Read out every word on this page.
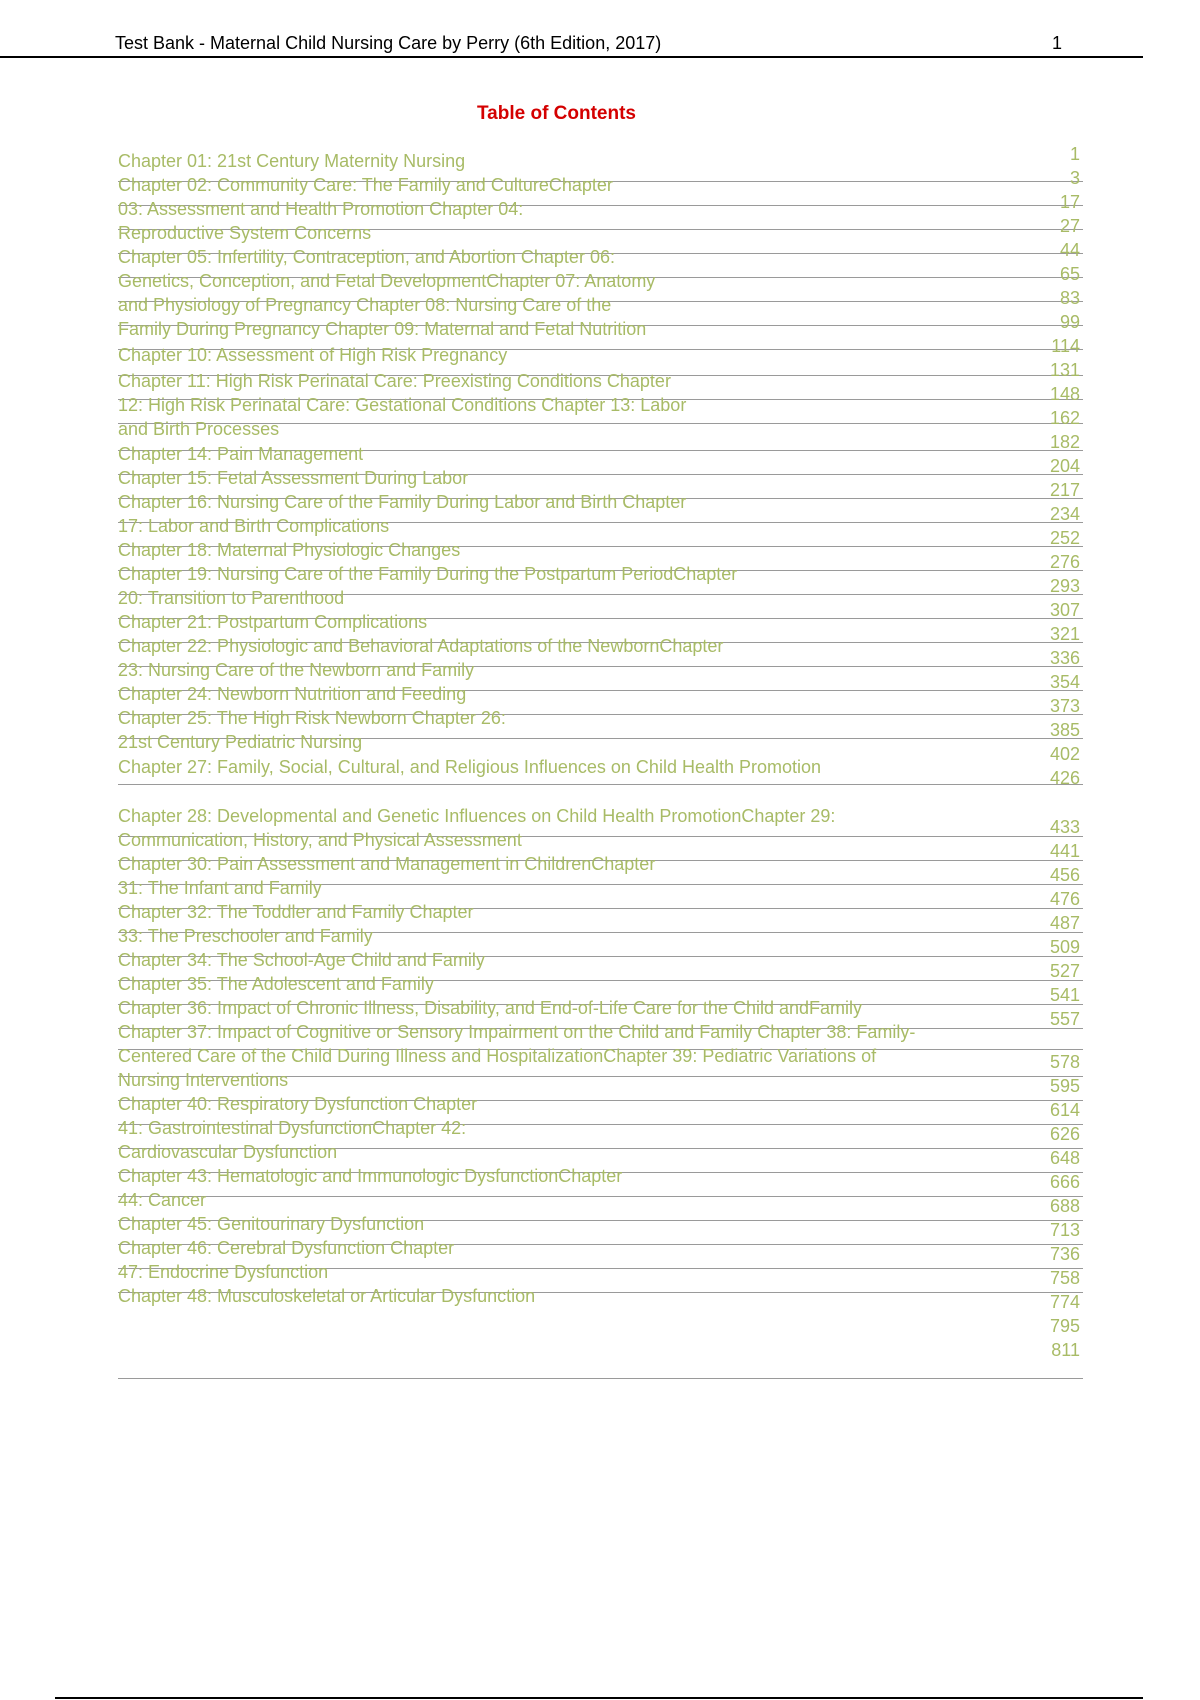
Test Bank - Maternal Child Nursing Care by Perry (6th Edition, 2017)	1
Table of Contents
Chapter 01: 21st Century Maternity Nursing
Chapter 02: Community Care: The Family and CultureChapter
03: Assessment and Health Promotion Chapter 04:
Reproductive System Concerns
Chapter 05: Infertility, Contraception, and Abortion Chapter 06:
Genetics, Conception, and Fetal DevelopmentChapter 07: Anatomy
and Physiology of Pregnancy Chapter 08: Nursing Care of the
Family During Pregnancy Chapter 09: Maternal and Fetal Nutrition
Chapter 10: Assessment of High Risk Pregnancy
Chapter 11: High Risk Perinatal Care: Preexisting Conditions Chapter
12: High Risk Perinatal Care: Gestational Conditions Chapter 13: Labor
and Birth Processes
Chapter 14: Pain Management
Chapter 15: Fetal Assessment During Labor
Chapter 16: Nursing Care of the Family During Labor and Birth Chapter
17: Labor and Birth Complications
Chapter 18: Maternal Physiologic Changes
Chapter 19: Nursing Care of the Family During the Postpartum PeriodChapter
20: Transition to Parenthood
Chapter 21: Postpartum Complications
Chapter 22: Physiologic and Behavioral Adaptations of the NewbornChapter
23: Nursing Care of the Newborn and Family
Chapter 24: Newborn Nutrition and Feeding
Chapter 25: The High Risk Newborn Chapter 26:
21st Century Pediatric Nursing
Chapter 27: Family, Social, Cultural, and Religious Influences on Child Health Promotion
Chapter 28: Developmental and Genetic Influences on Child Health PromotionChapter 29:
Communication, History, and Physical Assessment
Chapter 30: Pain Assessment and Management in ChildrenChapter
31: The Infant and Family
Chapter 32: The Toddler and Family Chapter
33: The Preschooler and Family
Chapter 34: The School-Age Child and Family
Chapter 35: The Adolescent and Family
Chapter 36: Impact of Chronic Illness, Disability, and End-of-Life Care for the Child andFamily
Chapter 37: Impact of Cognitive or Sensory Impairment on the Child and Family Chapter 38: Family-
Centered Care of the Child During Illness and HospitalizationChapter 39: Pediatric Variations of
Nursing Interventions
Chapter 40: Respiratory Dysfunction Chapter
41: Gastrointestinal DysfunctionChapter 42:
Cardiovascular Dysfunction
Chapter 43: Hematologic and Immunologic DysfunctionChapter
44: Cancer
Chapter 45: Genitourinary Dysfunction
Chapter 46: Cerebral Dysfunction Chapter
47: Endocrine Dysfunction
Chapter 48: Musculoskeletal or Articular Dysfunction
1
3
17
27
44
65
83
99
114
131
148
162
182
204
217
234
252
276
293
307
321
336
354
373
385
402
426
433
441
456
476
487
509
527
541
557
578
595
614
626
648
666
688
713
736
758
774
795
811
